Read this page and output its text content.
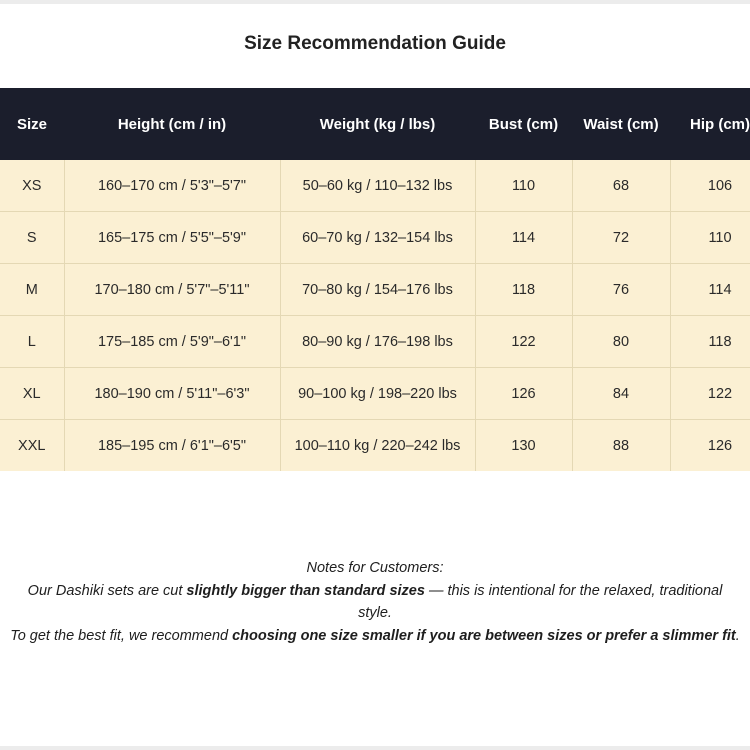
Size Recommendation Guide
Size	Height (cm / in)	Weight (kg / lbs)	Bust (cm)	Waist (cm)	Hip (cm)
XS	160–170 cm / 5'3"–5'7"	50–60 kg / 110–132 lbs	110	68	106
S	165–175 cm / 5'5"–5'9"	60–70 kg / 132–154 lbs	114	72	110
M	170–180 cm / 5'7"–5'11"	70–80 kg / 154–176 lbs	118	76	114
L	175–185 cm / 5'9"–6'1"	80–90 kg / 176–198 lbs	122	80	118
XL	180–190 cm / 5'11"–6'3"	90–100 kg / 198–220 lbs	126	84	122
XXL	185–195 cm / 6'1"–6'5"	100–110 kg / 220–242 lbs	130	88	126

Notes for Customers:

Our Dashiki sets are cut slightly bigger than standard sizes — this is intentional for the relaxed, traditional style.

To get the best fit, we recommend choosing one size smaller if you are between sizes or prefer a slimmer fit.
